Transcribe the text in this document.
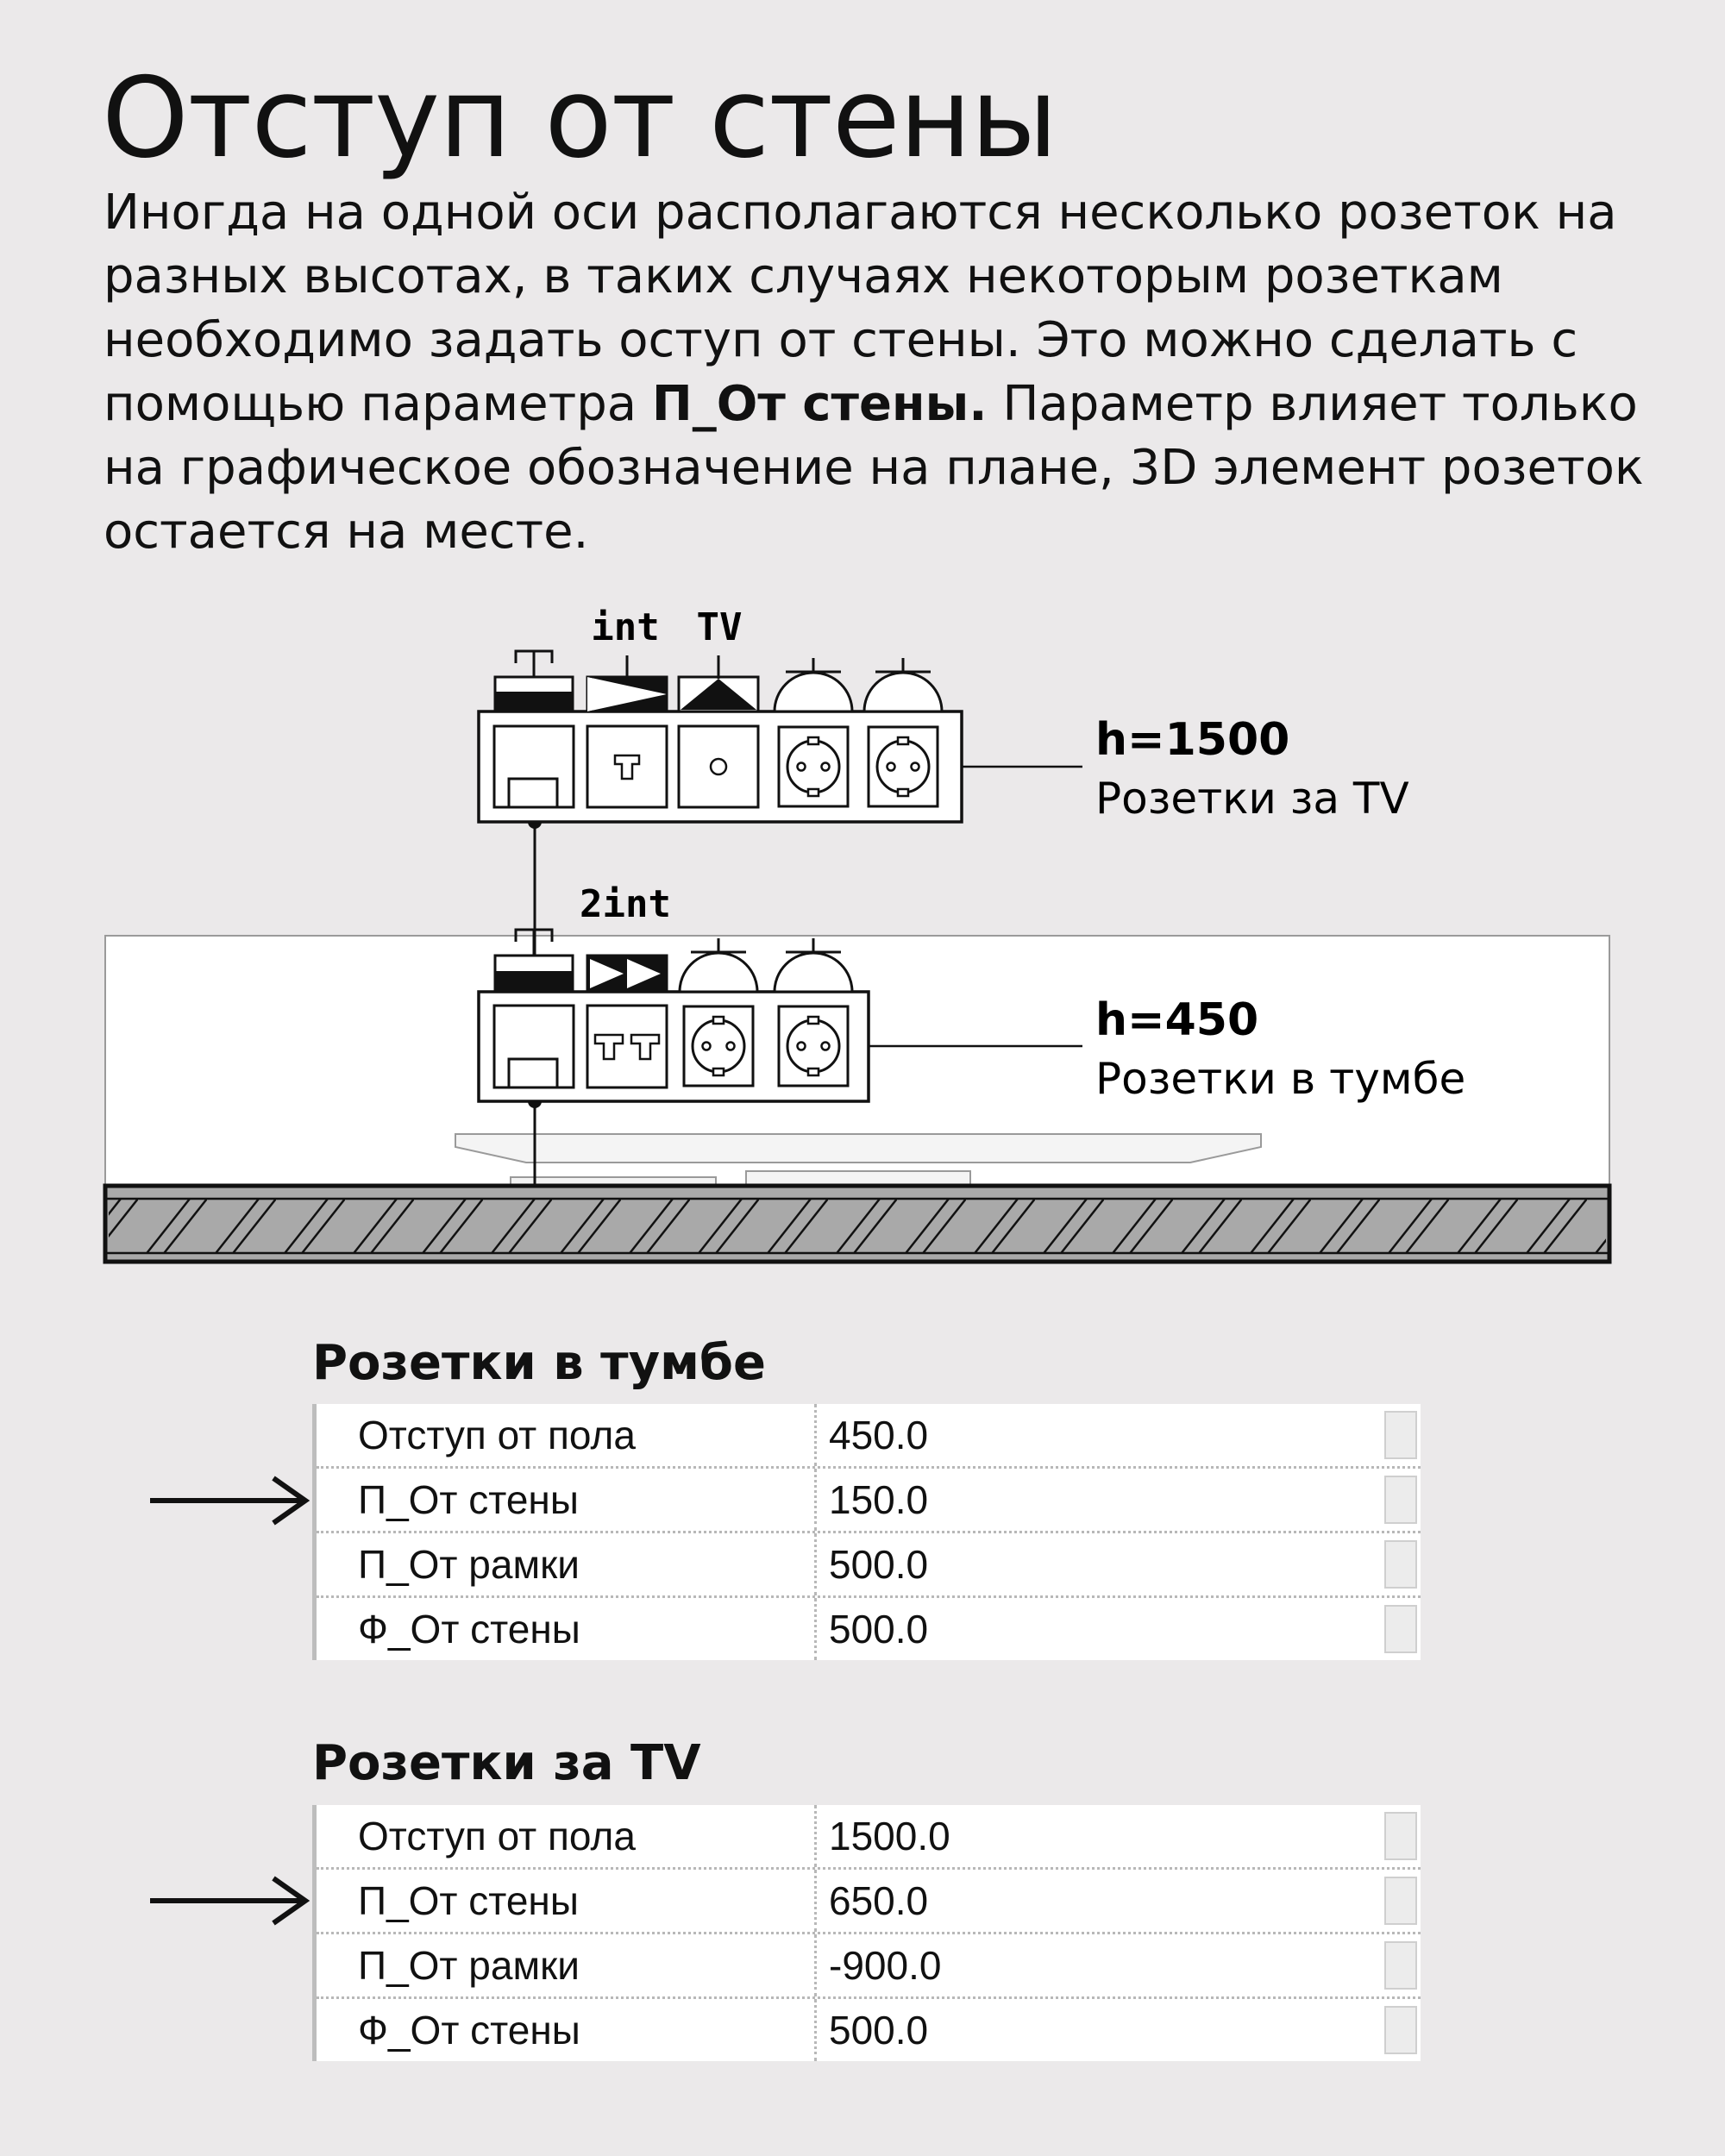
Отступ от стены
Иногда на одной оси располагаются несколько розеток на разных высотах, в таких случаях некоторым розеткам необходимо задать оступ от стены. Это можно сделать с помощью параметра П_От стены. Параметр влияет только на графическое обозначение на плане, 3D элемент розеток остается на месте.
int TV
h=1500
Розетки за TV
2int
h=450
Розетки в тумбе
Розетки в тумбе
Отступ от пола	450.0
П_От стены	150.0
П_От рамки	500.0
Ф_От стены	500.0
Розетки за TV
Отступ от пола	1500.0
П_От стены	650.0
П_От рамки	-900.0
Ф_От стены	500.0
